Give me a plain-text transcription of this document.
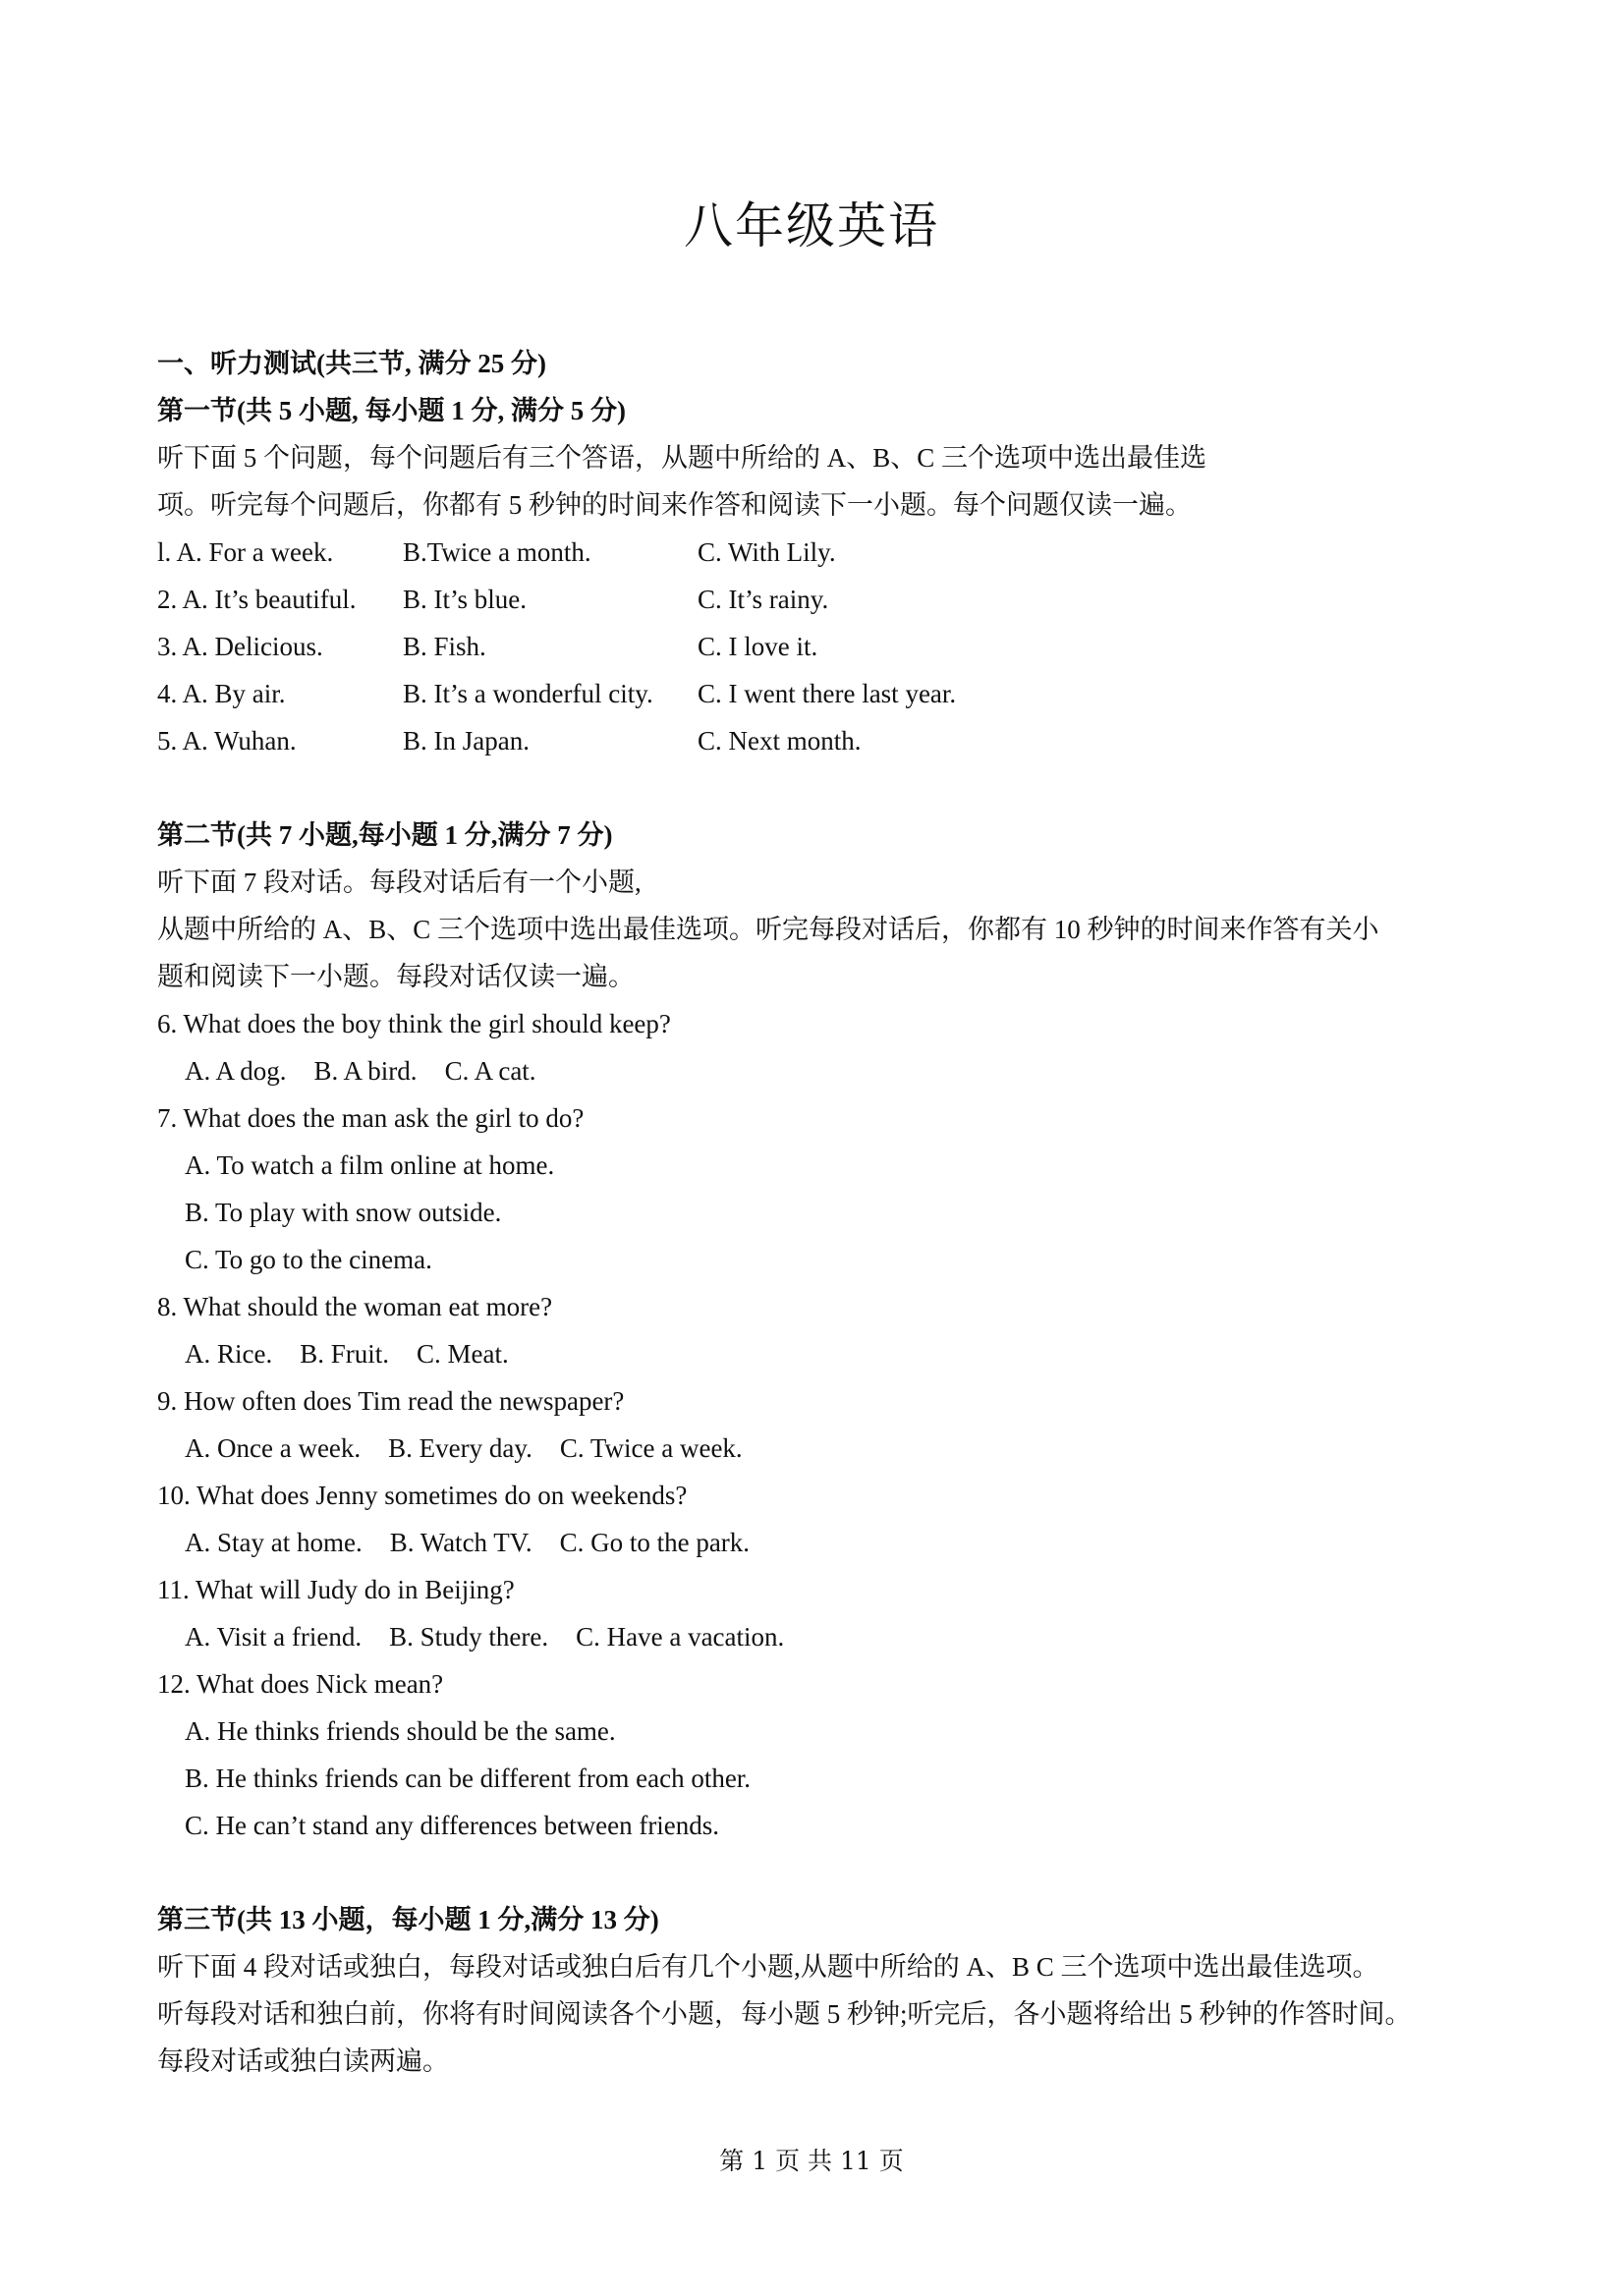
八年级英语
一、听力测试(共三节, 满分 25 分)
第一节(共 5 小题, 每小题 1 分, 满分 5 分)
听下面 5 个问题，每个问题后有三个答语，从题中所给的 A、B、C 三个选项中选出最佳选
项。听完每个问题后，你都有 5 秒钟的时间来作答和阅读下一小题。每个问题仅读一遍。
l. A. For a week.	B.Twice a month.	C. With Lily.
2. A. It’s beautiful.	B. It’s blue.	C. It’s rainy.
3. A. Delicious.	B. Fish.	C. I love it.
4. A. By air.	B. It’s a wonderful city.	C. I went there last year.
5. A. Wuhan.	B. In Japan.	C. Next month.
第二节(共 7 小题,每小题 1 分,满分 7 分)
听下面 7 段对话。每段对话后有一个小题,
从题中所给的 A、B、C 三个选项中选出最佳选项。听完每段对话后，你都有 10 秒钟的时间来作答有关小
题和阅读下一小题。每段对话仅读一遍。
6. What does the boy think the girl should keep?
A. A dog. B. A bird. C. A cat.
7. What does the man ask the girl to do?
A. To watch a film online at home.
B. To play with snow outside.
C. To go to the cinema.
8. What should the woman eat more?
A. Rice. B. Fruit. C. Meat.
9. How often does Tim read the newspaper?
A. Once a week. B. Every day. C. Twice a week.
10. What does Jenny sometimes do on weekends?
A. Stay at home. B. Watch TV. C. Go to the park.
11. What will Judy do in Beijing?
A. Visit a friend. B. Study there. C. Have a vacation.
12. What does Nick mean?
A. He thinks friends should be the same.
B. He thinks friends can be different from each other.
C. He can’t stand any differences between friends.
第三节(共 13 小题，每小题 1 分,满分 13 分)
听下面 4 段对话或独白，每段对话或独白后有几个小题,从题中所给的 A、B C 三个选项中选出最佳选项。
听每段对话和独白前，你将有时间阅读各个小题，每小题 5 秒钟;听完后，各小题将给出 5 秒钟的作答时间。
每段对话或独白读两遍。
第 1 页 共 11 页
